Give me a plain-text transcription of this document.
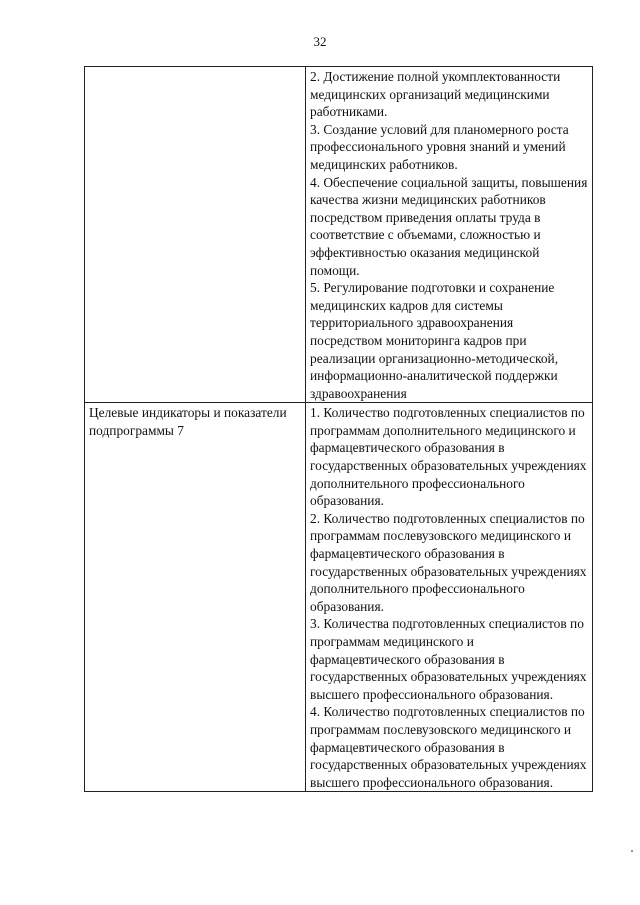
32

	2. Достижение полной укомплектованности медицинских организаций медицинскими работниками.
3. Создание условий для планомерного роста профессионального уровня знаний и умений медицинских работников.
4. Обеспечение социальной защиты, повышения качества жизни медицинских работников посредством приведения оплаты труда в соответствие с объемами, сложностью и эффективностью оказания медицинской помощи.
5. Регулирование подготовки и сохранение медицинских кадров для системы территориального здравоохранения посредством мониторинга кадров при реализации организационно-методической, информационно-аналитической поддержки здравоохранения

Целевые индикаторы и показатели подпрограммы 7	1. Количество подготовленных специалистов по программам дополнительного медицинского и фармацевтического образования в государственных образовательных учреждениях дополнительного профессионального образования.
2. Количество подготовленных специалистов по программам послевузовского медицинского и фармацевтического образования в государственных образовательных учреждениях дополнительного профессионального образования.
3. Количества подготовленных специалистов по программам медицинского и фармацевтического образования в государственных образовательных учреждениях высшего профессионального образования.
4. Количество подготовленных специалистов по программам послевузовского медицинского и фармацевтического образования в государственных образовательных учреждениях высшего профессионального образования.
